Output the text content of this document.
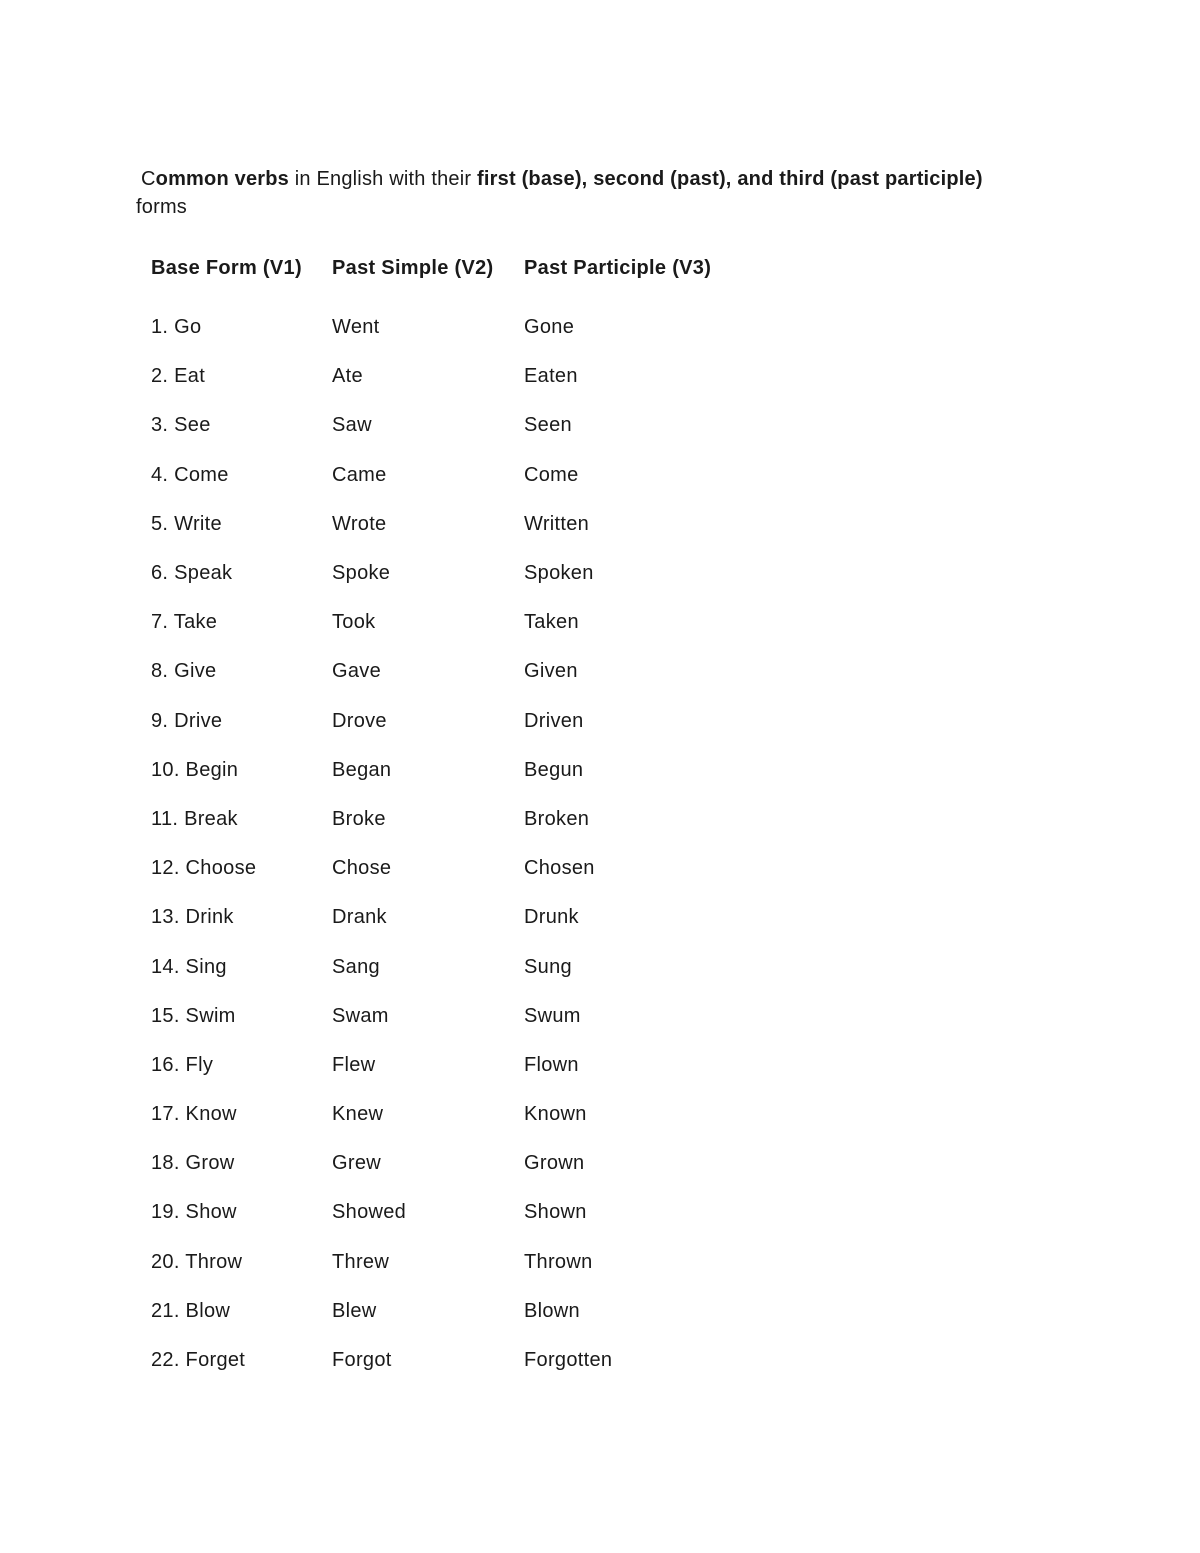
Common verbs in English with their first (base), second (past), and third (past participle)
forms

Base Form (V1)	Past Simple (V2)	Past Participle (V3)
1. Go	Went	Gone
2. Eat	Ate	Eaten
3. See	Saw	Seen
4. Come	Came	Come
5. Write	Wrote	Written
6. Speak	Spoke	Spoken
7. Take	Took	Taken
8. Give	Gave	Given
9. Drive	Drove	Driven
10. Begin	Began	Begun
11. Break	Broke	Broken
12. Choose	Chose	Chosen
13. Drink	Drank	Drunk
14. Sing	Sang	Sung
15. Swim	Swam	Swum
16. Fly	Flew	Flown
17. Know	Knew	Known
18. Grow	Grew	Grown
19. Show	Showed	Shown
20. Throw	Threw	Thrown
21. Blow	Blew	Blown
22. Forget	Forgot	Forgotten
